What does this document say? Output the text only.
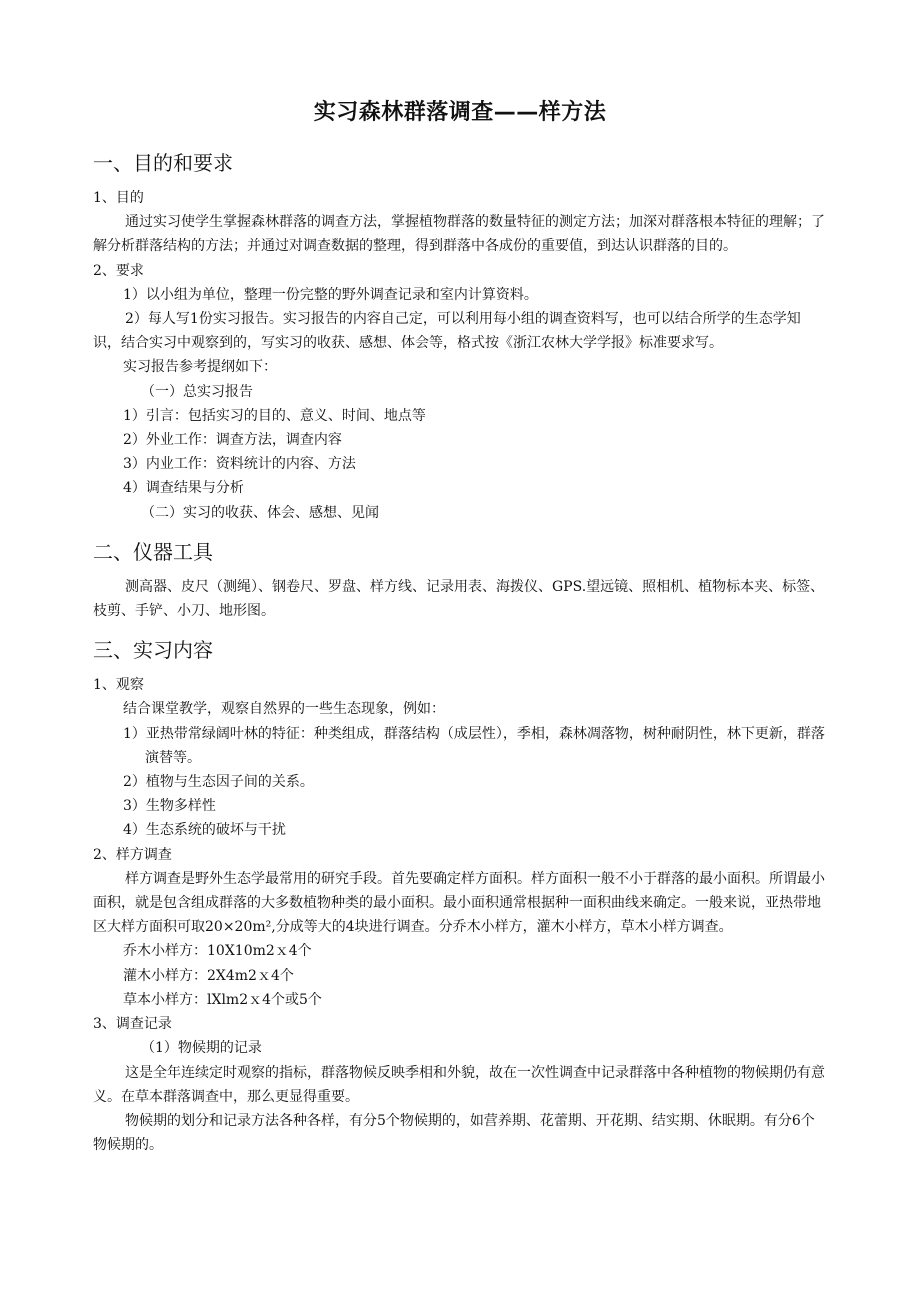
实习森林群落调查——样方法
一、目的和要求

1、目的

通过实习使学生掌握森林群落的调查方法，掌握植物群落的数量特征的测定方法；加深对群落根本特征的理解；了解分析群落结构的方法；并通过对调查数据的整理，得到群落中各成份的重要值，到达认识群落的目的。

2、要求

1）以小组为单位，整理一份完整的野外调查记录和室内计算资料。

2）每人写1份实习报告。实习报告的内容自己定，可以利用每小组的调查资料写，也可以结合所学的生态学知识，结合实习中观察到的，写实习的收获、感想、体会等，格式按《浙江农林大学学报》标准要求写。

实习报告参考提纲如下：

（一）总实习报告

1）引言：包括实习的目的、意义、时间、地点等

2）外业工作：调查方法，调查内容

3）内业工作：资料统计的内容、方法

4）调查结果与分析

（二）实习的收获、体会、感想、见闻

二、仪器工具

测高器、皮尺（测绳）、钢卷尺、罗盘、样方线、记录用表、海拨仪、GPS.望远镜、照相机、植物标本夹、标签、枝剪、手铲、小刀、地形图。

三、实习内容

1、观察

结合课堂教学，观察自然界的一些生态现象，例如：

1）亚热带常绿阔叶林的特征：种类组成，群落结构（成层性），季相，森林凋落物，树种耐阴性，林下更新，群落演替等。

2）植物与生态因子间的关系。

3）生物多样性

4）生态系统的破坏与干扰

2、样方调查

样方调查是野外生态学最常用的研究手段。首先要确定样方面积。样方面积一般不小于群落的最小面积。所谓最小面积，就是包含组成群落的大多数植物种类的最小面积。最小面积通常根据种一面积曲线来确定。一般来说，亚热带地区大样方面积可取20×20m²,分成等大的4块进行调查。分乔木小样方，灌木小样方，草木小样方调查。

乔木小样方：10X10m2ｘ4个

灌木小样方：2X4m2ｘ4个

草本小样方：lXlm2ｘ4个或5个

3、调查记录

（1）物候期的记录

这是全年连续定时观察的指标，群落物候反映季相和外貌，故在一次性调查中记录群落中各种植物的物候期仍有意义。在草本群落调查中，那么更显得重要。

物候期的划分和记录方法各种各样，有分5个物候期的，如营养期、花蕾期、开花期、结实期、休眠期。有分6个物候期的。
